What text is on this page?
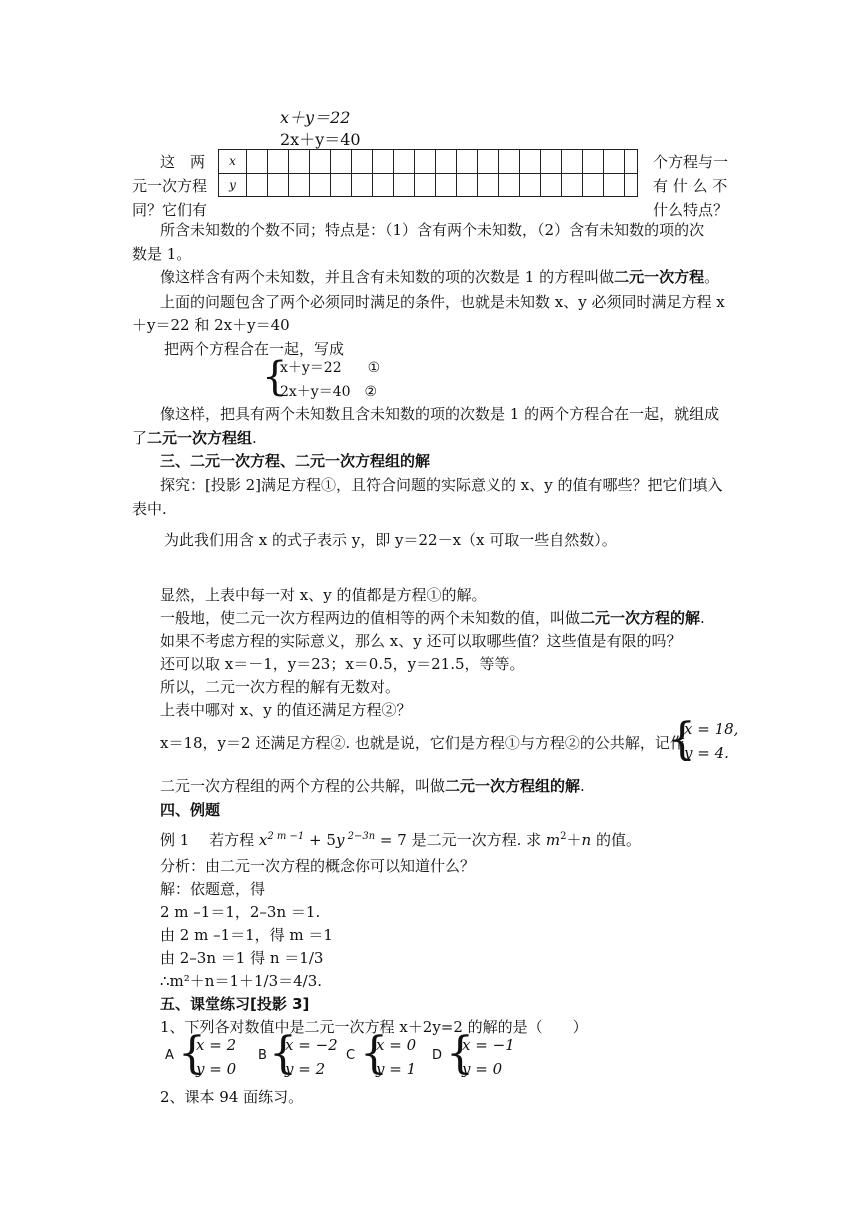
x＋y＝22
2x＋y＝40
这　两
元一次方程
同？它们有
个方程与一
有 什 么 不
什么特点？
x
y
所含未知数的个数不同；特点是：（1）含有两个未知数，（2）含有未知数的项的次
数是 1。
像这样含有两个未知数，并且含有未知数的项的次数是 1 的方程叫做二元一次方程。
上面的问题包含了两个必须同时满足的条件，也就是未知数 x、y 必须同时满足方程 x
＋y＝22 和 2x＋y＝40
把两个方程合在一起，写成
{
x＋y＝22 ①
2x＋y＝40 ②
像这样，把具有两个未知数且含未知数的项的次数是 1 的两个方程合在一起，就组成
了二元一次方程组.
三、二元一次方程、二元一次方程组的解
探究：[投影 2]满足方程①，且符合问题的实际意义的 x、y 的值有哪些？把它们填入
表中.
为此我们用含 x 的式子表示 y，即 y＝22－x（x 可取一些自然数）。
显然，上表中每一对 x、y 的值都是方程①的解。
一般地，使二元一次方程两边的值相等的两个未知数的值，叫做二元一次方程的解.
如果不考虑方程的实际意义，那么 x、y 还可以取哪些值？这些值是有限的吗？
还可以取 x＝－1，y＝23；x＝0.5，y＝21.5，等等。
所以，二元一次方程的解有无数对。
上表中哪对 x、y 的值还满足方程②？
x＝18，y＝2 还满足方程②. 也就是说，它们是方程①与方程②的公共解，记作
{
x = 18,
y = 4.
二元一次方程组的两个方程的公共解，叫做二元一次方程组的解.
四、例题
例 1　 若方程 $x^{2 m -1} + 5y$ $^{2-3n}$ = 7 是二元一次方程. 求 $m^2+n$ 的值。
分析：由二元一次方程的概念你可以知道什么？
解：依题意，得
2 m –1＝1，2–3n ＝1.
由 2 m –1＝1，得 m ＝1
由 2–3n ＝1 得 n ＝1/3
∴m²＋n＝1＋1/3＝4/3.
五、课堂练习[投影 3]
1、下列各对数值中是二元一次方程 x＋2y=2 的解的是（　　）
A {
x = 2
y = 0
B {
x = −2
y = 2
C {
x = 0
y = 1
D {
x = −1
y = 0
2、课本 94 面练习。
